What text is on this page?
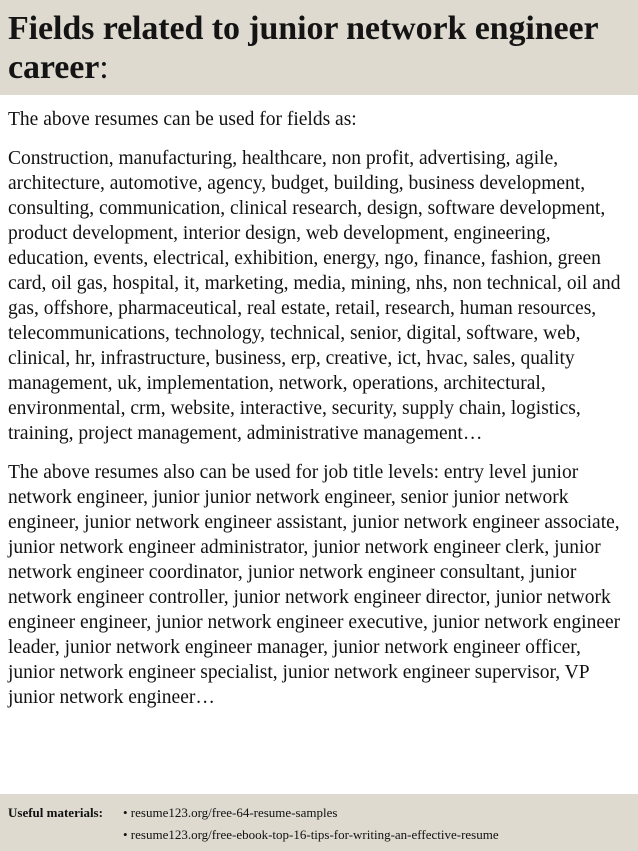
Fields related to junior network engineer career:

The above resumes can be used for fields as:

Construction, manufacturing, healthcare, non profit, advertising, agile, architecture, automotive, agency, budget, building, business development, consulting, communication, clinical research, design, software development, product development, interior design, web development, engineering, education, events, electrical, exhibition, energy, ngo, finance, fashion, green card, oil gas, hospital, it, marketing, media, mining, nhs, non technical, oil and gas, offshore, pharmaceutical, real estate, retail, research, human resources, telecommunications, technology, technical, senior, digital, software, web, clinical, hr, infrastructure, business, erp, creative, ict, hvac, sales, quality management, uk, implementation, network, operations, architectural, environmental, crm, website, interactive, security, supply chain, logistics, training, project management, administrative management…

The above resumes also can be used for job title levels: entry level junior network engineer, junior junior network engineer, senior junior network engineer, junior network engineer assistant, junior network engineer associate, junior network engineer administrator, junior network engineer clerk, junior network engineer coordinator, junior network engineer consultant, junior network engineer controller, junior network engineer director, junior network engineer engineer, junior network engineer executive, junior network engineer leader, junior network engineer manager, junior network engineer officer, junior network engineer specialist, junior network engineer supervisor, VP junior network engineer…

Useful materials:	• resume123.org/free-64-resume-samples
• resume123.org/free-ebook-top-16-tips-for-writing-an-effective-resume
